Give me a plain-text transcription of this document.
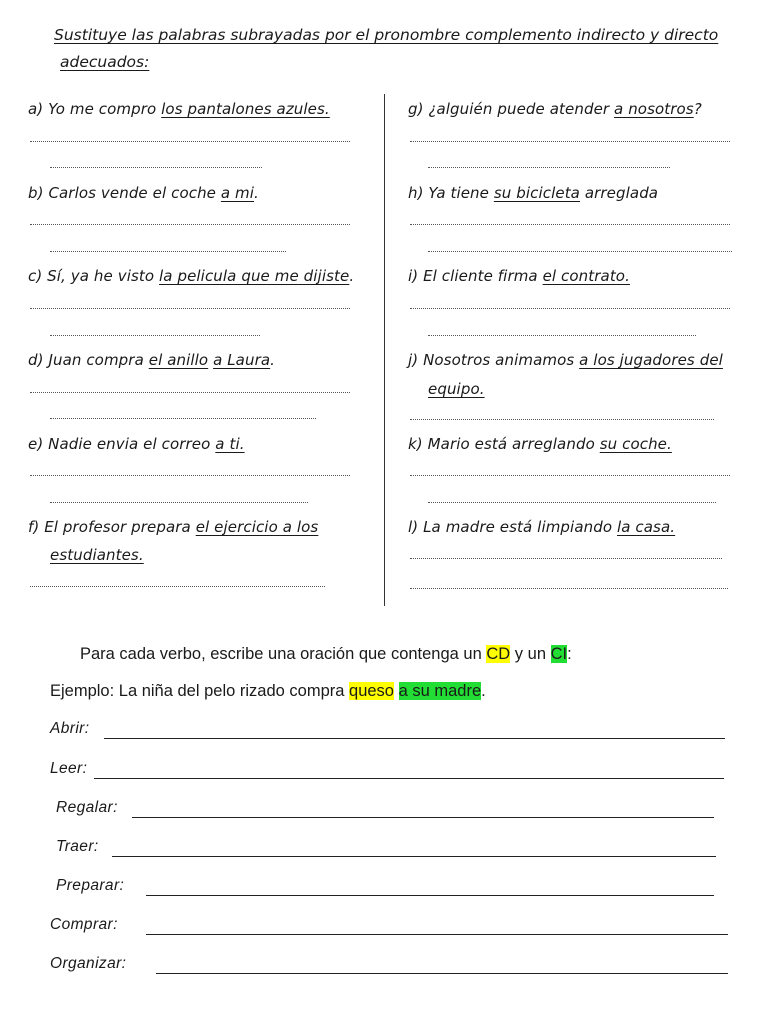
Sustituye las palabras subrayadas por el pronombre complemento indirecto y directo
adecuados:
a) Yo me compro los pantalones azules.
b) Carlos vende el coche a mi.
c) Sí, ya he visto la pelicula que me dijiste.
d) Juan compra el anillo a Laura.
e) Nadie envia el correo a ti.
f) El profesor prepara el ejercicio a los
estudiantes.
g) ¿alguién puede atender a nosotros?
h) Ya tiene su bicicleta arreglada
i) El cliente firma el contrato.
j) Nosotros animamos a los jugadores del
equipo.
k) Mario está arreglando su coche.
l) La madre está limpiando la casa.
Para cada verbo, escribe una oración que contenga un CD y un CI:
Ejemplo: La niña del pelo rizado compra queso a su madre.
Abrir:
Leer:
Regalar:
Traer:
Preparar:
Comprar:
Organizar:
